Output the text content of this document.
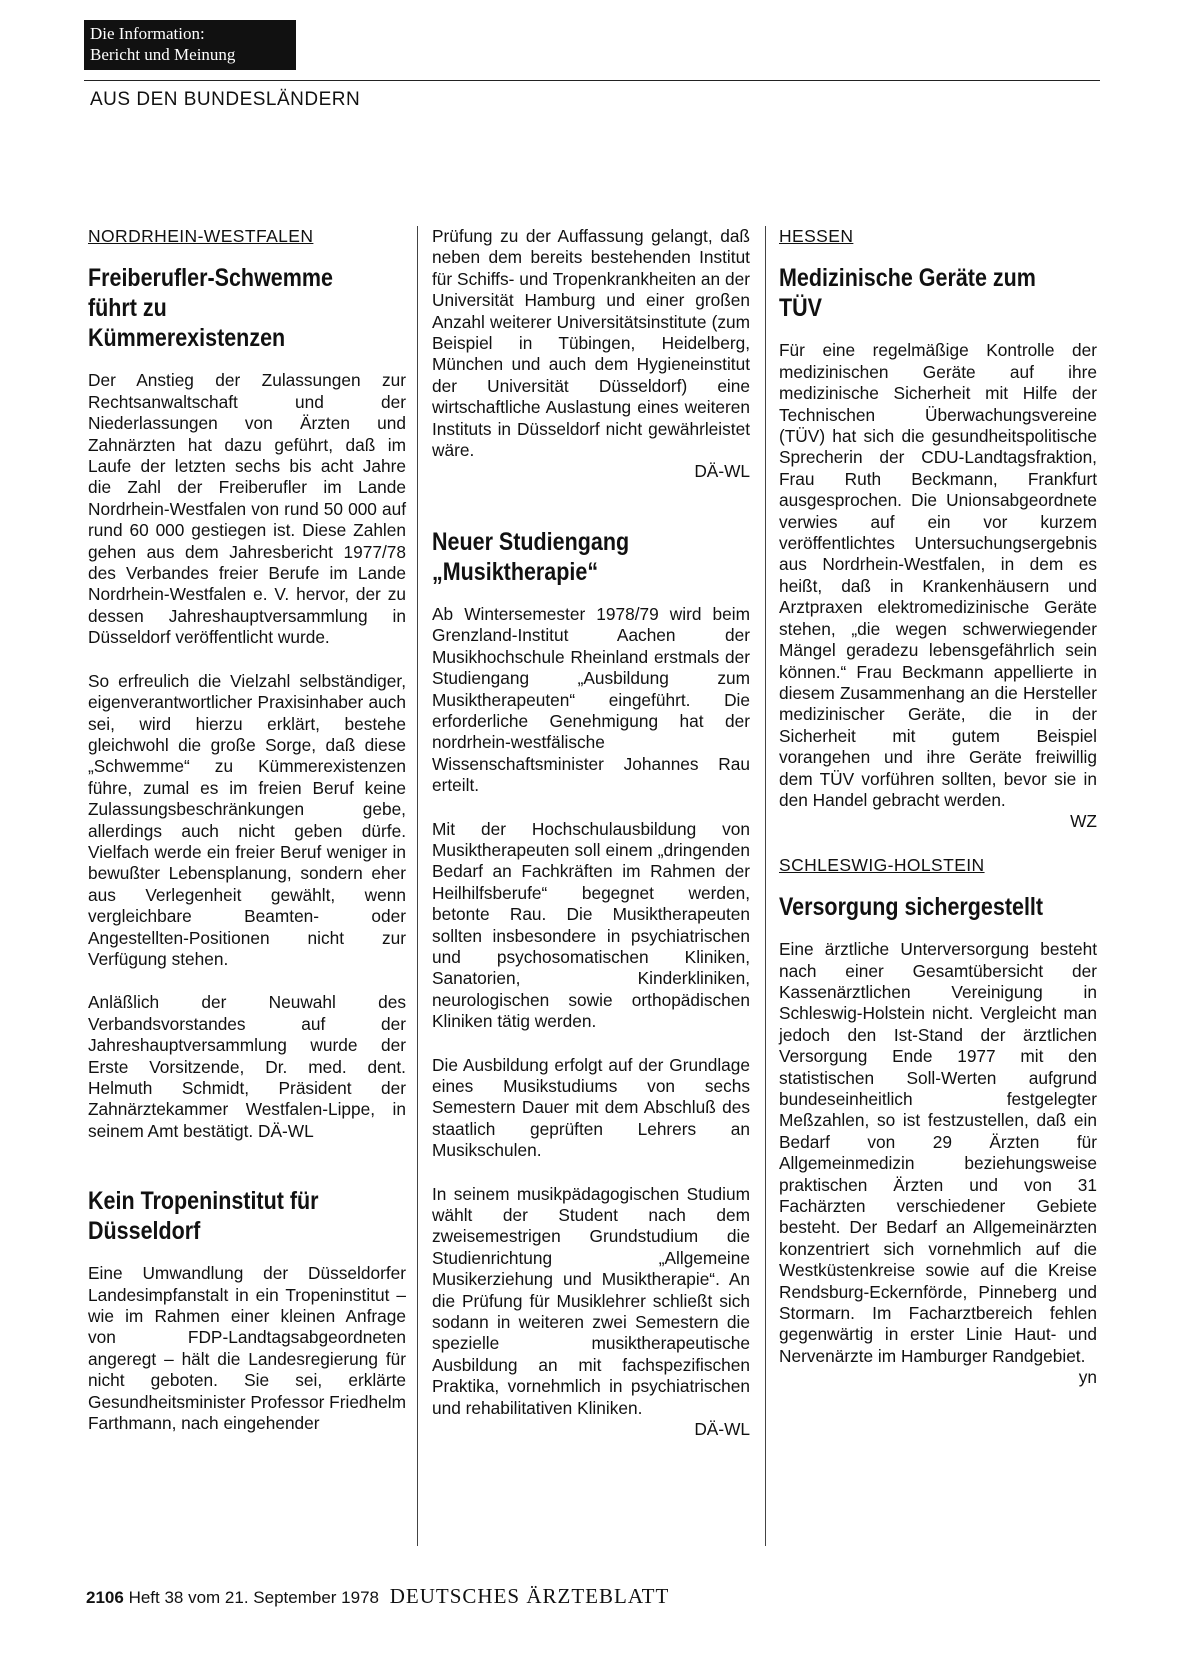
Die Information:
Bericht und Meinung
AUS DEN BUNDESLÄNDERN
NORDRHEIN-WESTFALEN
Freiberufler-Schwemme führt zu Kümmerexistenzen

Der Anstieg der Zulassungen zur Rechtsanwaltschaft und der Niederlassungen von Ärzten und Zahnärzten hat dazu geführt, daß im Laufe der letzten sechs bis acht Jahre die Zahl der Freiberufler im Lande Nordrhein-Westfalen von rund 50 000 auf rund 60 000 gestiegen ist. Diese Zahlen gehen aus dem Jahresbericht 1977/78 des Verbandes freier Berufe im Lande Nordrhein-Westfalen e. V. hervor, der zu dessen Jahreshauptversammlung in Düsseldorf veröffentlicht wurde.

So erfreulich die Vielzahl selbständiger, eigenverantwortlicher Praxisinhaber auch sei, wird hierzu erklärt, bestehe gleichwohl die große Sorge, daß diese „Schwemme“ zu Kümmerexistenzen führe, zumal es im freien Beruf keine Zulassungsbeschränkungen gebe, allerdings auch nicht geben dürfe. Vielfach werde ein freier Beruf weniger in bewußter Lebensplanung, sondern eher aus Verlegenheit gewählt, wenn vergleichbare Beamten- oder Angestellten-Positionen nicht zur Verfügung stehen.

Anläßlich der Neuwahl des Verbandsvorstandes auf der Jahreshauptversammlung wurde der Erste Vorsitzende, Dr. med. dent. Helmuth Schmidt, Präsident der Zahnärztekammer Westfalen-Lippe, in seinem Amt bestätigt. DÄ-WL

Kein Tropeninstitut für Düsseldorf

Eine Umwandlung der Düsseldorfer Landesimpfanstalt in ein Tropeninstitut – wie im Rahmen einer kleinen Anfrage von FDP-Landtagsabgeordneten angeregt – hält die Landesregierung für nicht geboten. Sie sei, erklärte Gesundheitsminister Professor Friedhelm Farthmann, nach eingehender

Prüfung zu der Auffassung gelangt, daß neben dem bereits bestehenden Institut für Schiffs- und Tropenkrankheiten an der Universität Hamburg und einer großen Anzahl weiterer Universitätsinstitute (zum Beispiel in Tübingen, Heidelberg, München und auch dem Hygieneinstitut der Universität Düsseldorf) eine wirtschaftliche Auslastung eines weiteren Instituts in Düsseldorf nicht gewährleistet wäre.

DÄ-WL
Neuer Studiengang „Musiktherapie“

Ab Wintersemester 1978/79 wird beim Grenzland-Institut Aachen der Musikhochschule Rheinland erstmals der Studiengang „Ausbildung zum Musiktherapeuten“ eingeführt. Die erforderliche Genehmigung hat der nordrhein-westfälische Wissenschaftsminister Johannes Rau erteilt.

Mit der Hochschulausbildung von Musiktherapeuten soll einem „dringenden Bedarf an Fachkräften im Rahmen der Heilhilfsberufe“ begegnet werden, betonte Rau. Die Musiktherapeuten sollten insbesondere in psychiatrischen und psychosomatischen Kliniken, Sanatorien, Kinderkliniken, neurologischen sowie orthopädischen Kliniken tätig werden.

Die Ausbildung erfolgt auf der Grundlage eines Musikstudiums von sechs Semestern Dauer mit dem Abschluß des staatlich geprüften Lehrers an Musikschulen.

In seinem musikpädagogischen Studium wählt der Student nach dem zweisemestrigen Grundstudium die Studienrichtung „Allgemeine Musikerziehung und Musiktherapie“. An die Prüfung für Musiklehrer schließt sich sodann in weiteren zwei Semestern die spezielle musiktherapeutische Ausbildung an mit fachspezifischen Praktika, vornehmlich in psychiatrischen und rehabilitativen Kliniken.

DÄ-WL
HESSEN
Medizinische Geräte zum TÜV

Für eine regelmäßige Kontrolle der medizinischen Geräte auf ihre medizinische Sicherheit mit Hilfe der Technischen Überwachungsvereine (TÜV) hat sich die gesundheitspolitische Sprecherin der CDU-Landtagsfraktion, Frau Ruth Beckmann, Frankfurt ausgesprochen. Die Unionsabgeordnete verwies auf ein vor kurzem veröffentlichtes Untersuchungsergebnis aus Nordrhein-Westfalen, in dem es heißt, daß in Krankenhäusern und Arztpraxen elektromedizinische Geräte stehen, „die wegen schwerwiegender Mängel geradezu lebensgefährlich sein können.“ Frau Beckmann appellierte in diesem Zusammenhang an die Hersteller medizinischer Geräte, die in der Sicherheit mit gutem Beispiel vorangehen und ihre Geräte freiwillig dem TÜV vorführen sollten, bevor sie in den Handel gebracht werden.

WZ
SCHLESWIG-HOLSTEIN
Versorgung sichergestellt

Eine ärztliche Unterversorgung besteht nach einer Gesamtübersicht der Kassenärztlichen Vereinigung in Schleswig-Holstein nicht. Vergleicht man jedoch den Ist-Stand der ärztlichen Versorgung Ende 1977 mit den statistischen Soll-Werten aufgrund bundeseinheitlich festgelegter Meßzahlen, so ist festzustellen, daß ein Bedarf von 29 Ärzten für Allgemeinmedizin beziehungsweise praktischen Ärzten und von 31 Fachärzten verschiedener Gebiete besteht. Der Bedarf an Allgemeinärzten konzentriert sich vornehmlich auf die Westküstenkreise sowie auf die Kreise Rendsburg-Eckernförde, Pinneberg und Stormarn. Im Facharztbereich fehlen gegenwärtig in erster Linie Haut- und Nervenärzte im Hamburger Randgebiet.

yn
2106 Heft 38 vom 21. September 1978 DEUTSCHES ÄRZTEBLATT
